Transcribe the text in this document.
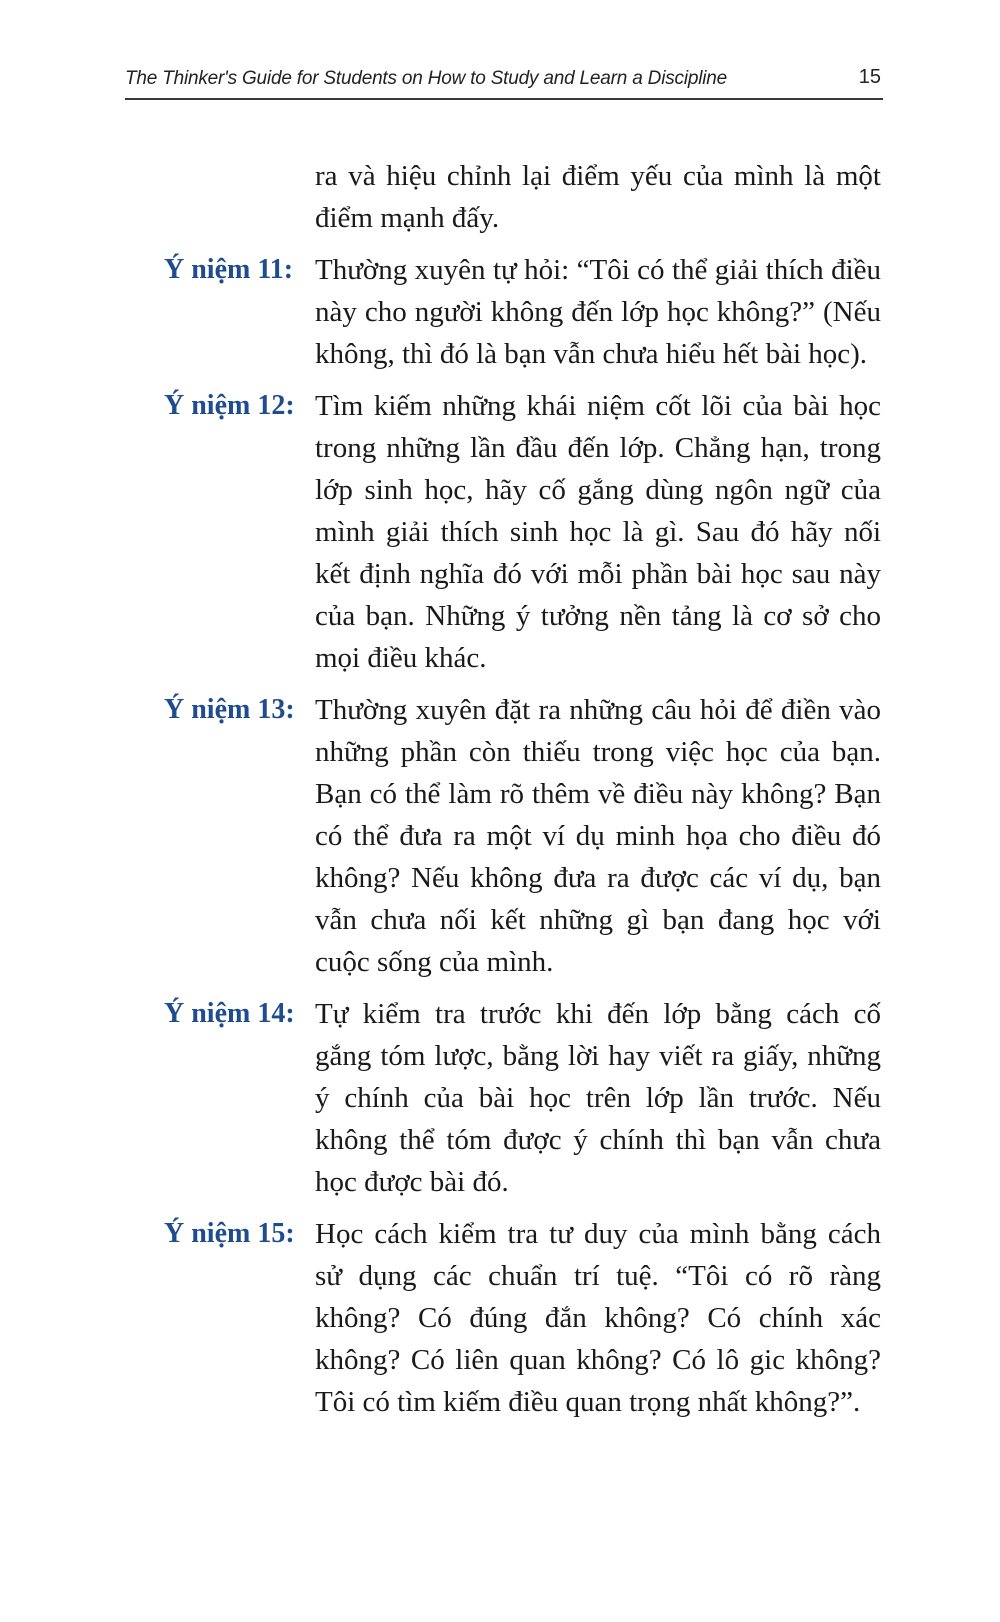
The Thinker's Guide for Students on How to Study and Learn a Discipline	15
ra và hiệu chỉnh lại điểm yếu của mình là một điểm mạnh đấy.
Ý niệm 11: Thường xuyên tự hỏi: “Tôi có thể giải thích điều này cho người không đến lớp học không?” (Nếu không, thì đó là bạn vẫn chưa hiểu hết bài học).
Ý niệm 12: Tìm kiếm những khái niệm cốt lõi của bài học trong những lần đầu đến lớp. Chẳng hạn, trong lớp sinh học, hãy cố gắng dùng ngôn ngữ của mình giải thích sinh học là gì. Sau đó hãy nối kết định nghĩa đó với mỗi phần bài học sau này của bạn. Những ý tưởng nền tảng là cơ sở cho mọi điều khác.
Ý niệm 13: Thường xuyên đặt ra những câu hỏi để điền vào những phần còn thiếu trong việc học của bạn. Bạn có thể làm rõ thêm về điều này không? Bạn có thể đưa ra một ví dụ minh họa cho điều đó không? Nếu không đưa ra được các ví dụ, bạn vẫn chưa nối kết những gì bạn đang học với cuộc sống của mình.
Ý niệm 14: Tự kiểm tra trước khi đến lớp bằng cách cố gắng tóm lược, bằng lời hay viết ra giấy, những ý chính của bài học trên lớp lần trước. Nếu không thể tóm được ý chính thì bạn vẫn chưa học được bài đó.
Ý niệm 15: Học cách kiểm tra tư duy của mình bằng cách sử dụng các chuẩn trí tuệ. “Tôi có rõ ràng không? Có đúng đắn không? Có chính xác không? Có liên quan không? Có lô gic không? Tôi có tìm kiếm điều quan trọng nhất không?”.
